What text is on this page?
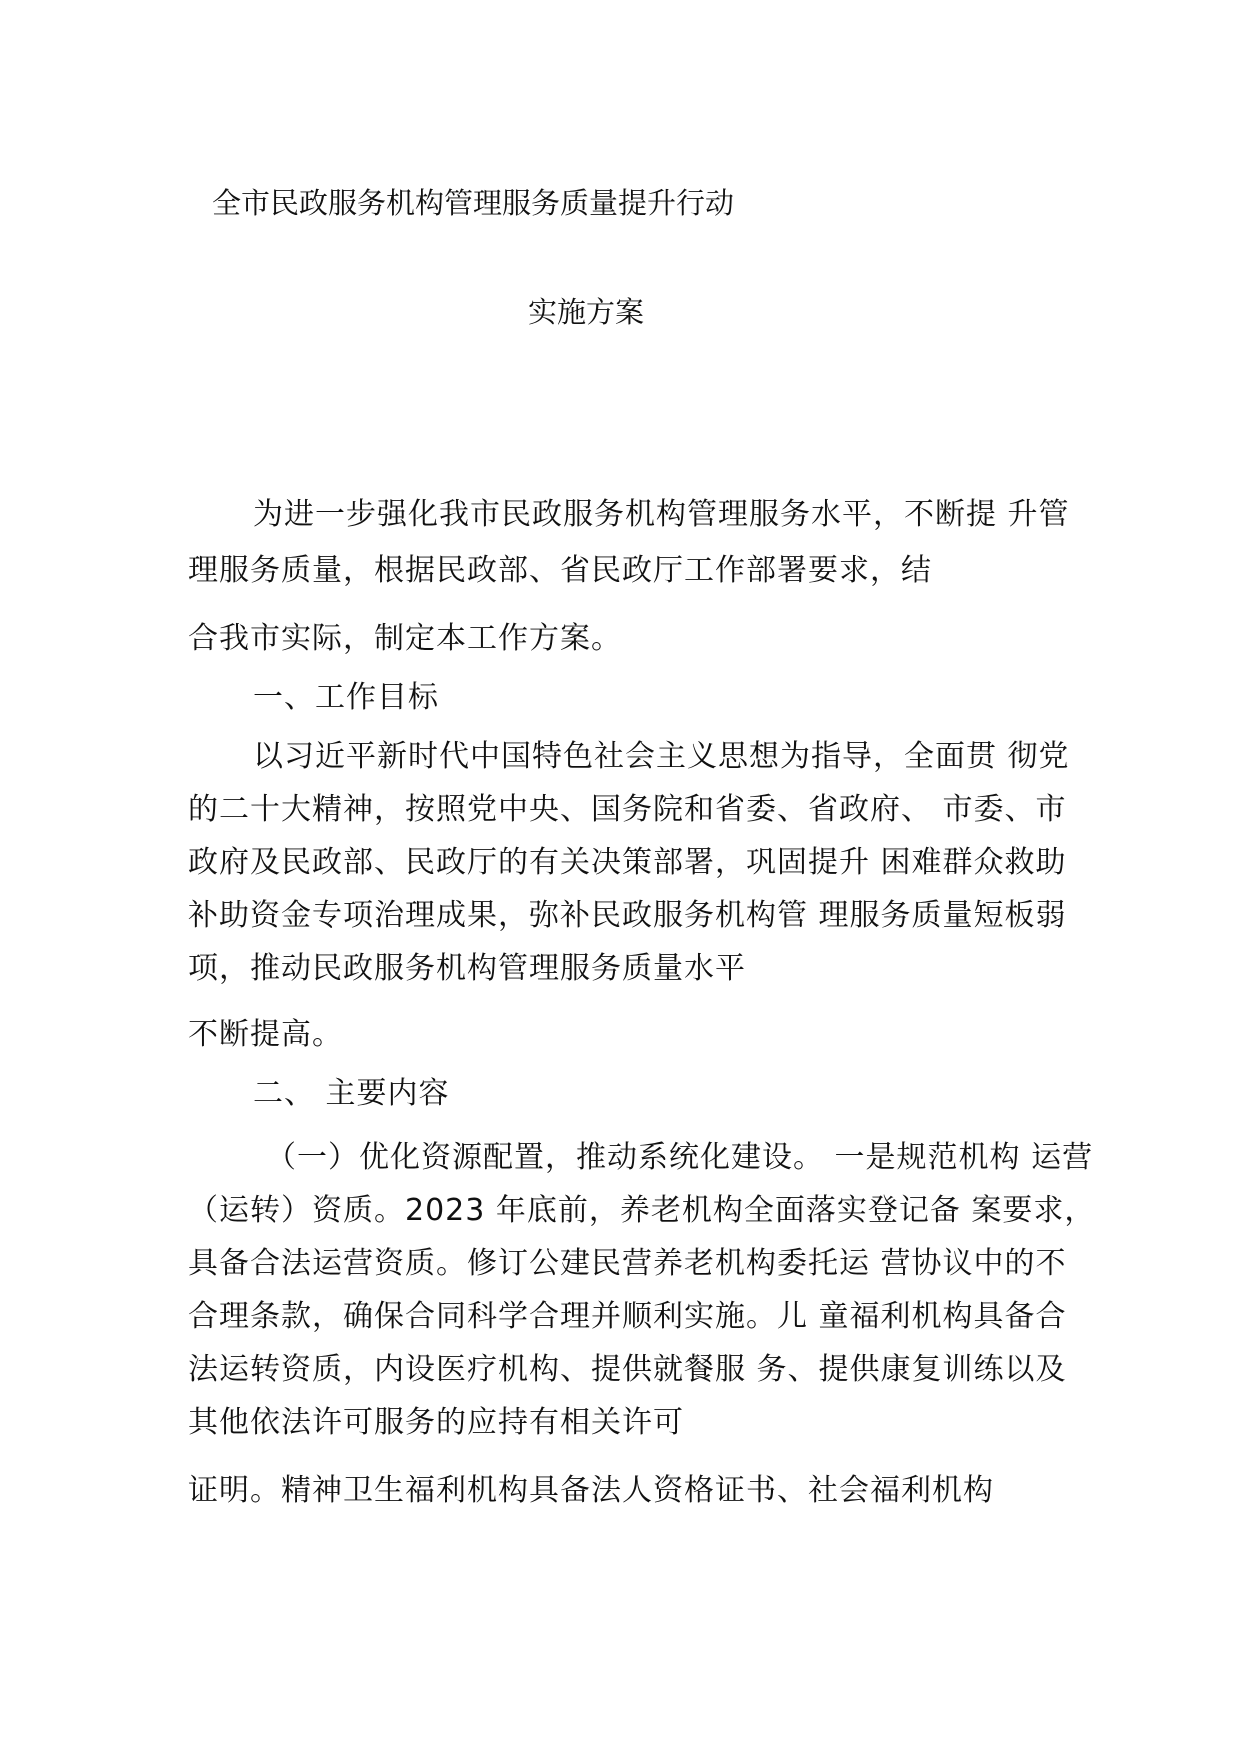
全市民政服务机构管理服务质量提升行动
实施方案
为进一步强化我市民政服务机构管理服务水平，不断提 升管
理服务质量，根据民政部、省民政厅工作部署要求，结
合我市实际，制定本工作方案。
一、工作目标
以习近平新时代中国特色社会主义思想为指导，全面贯 彻党
的二十大精神，按照党中央、国务院和省委、省政府、 市委、市
政府及民政部、民政厅的有关决策部署，巩固提升 困难群众救助
补助资金专项治理成果，弥补民政服务机构管 理服务质量短板弱
项，推动民政服务机构管理服务质量水平
不断提高。
二、 主要内容
（一）优化资源配置，推动系统化建设。 一是规范机构 运营
（运转）资质。2023 年底前，养老机构全面落实登记备 案要求，
具备合法运营资质。修订公建民营养老机构委托运 营协议中的不
合理条款，确保合同科学合理并顺利实施。儿 童福利机构具备合
法运转资质，内设医疗机构、提供就餐服 务、提供康复训练以及
其他依法许可服务的应持有相关许可
证明。精神卫生福利机构具备法人资格证书、社会福利机构
